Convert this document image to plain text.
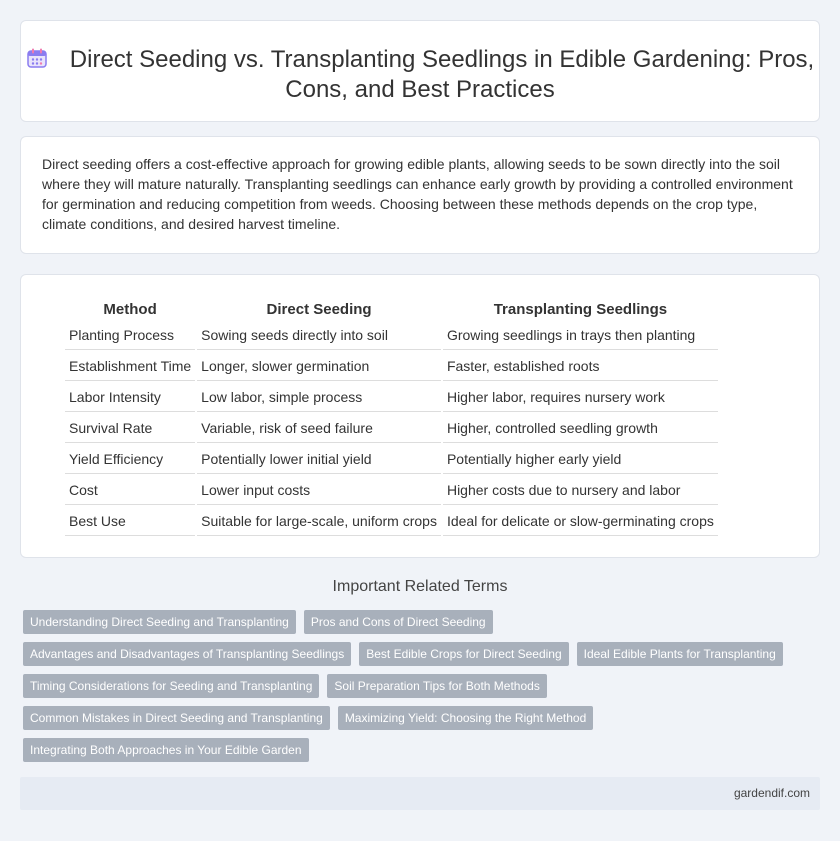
Direct Seeding vs. Transplanting Seedlings in Edible Gardening: Pros, Cons, and Best Practices

Direct seeding offers a cost-effective approach for growing edible plants, allowing seeds to be sown directly into the soil where they will mature naturally. Transplanting seedlings can enhance early growth by providing a controlled environment for germination and reducing competition from weeds. Choosing between these methods depends on the crop type, climate conditions, and desired harvest timeline.

Method	Direct Seeding	Transplanting Seedlings
Planting Process	Sowing seeds directly into soil	Growing seedlings in trays then planting
Establishment Time	Longer, slower germination	Faster, established roots
Labor Intensity	Low labor, simple process	Higher labor, requires nursery work
Survival Rate	Variable, risk of seed failure	Higher, controlled seedling growth
Yield Efficiency	Potentially lower initial yield	Potentially higher early yield
Cost	Lower input costs	Higher costs due to nursery and labor
Best Use	Suitable for large-scale, uniform crops	Ideal for delicate or slow-germinating crops
Important Related Terms
Understanding Direct Seeding and Transplanting	Pros and Cons of Direct Seeding
Advantages and Disadvantages of Transplanting Seedlings	Best Edible Crops for Direct Seeding	Ideal Edible Plants for Transplanting
Timing Considerations for Seeding and Transplanting	Soil Preparation Tips for Both Methods
Common Mistakes in Direct Seeding and Transplanting	Maximizing Yield: Choosing the Right Method
Integrating Both Approaches in Your Edible Garden
gardendif.com
